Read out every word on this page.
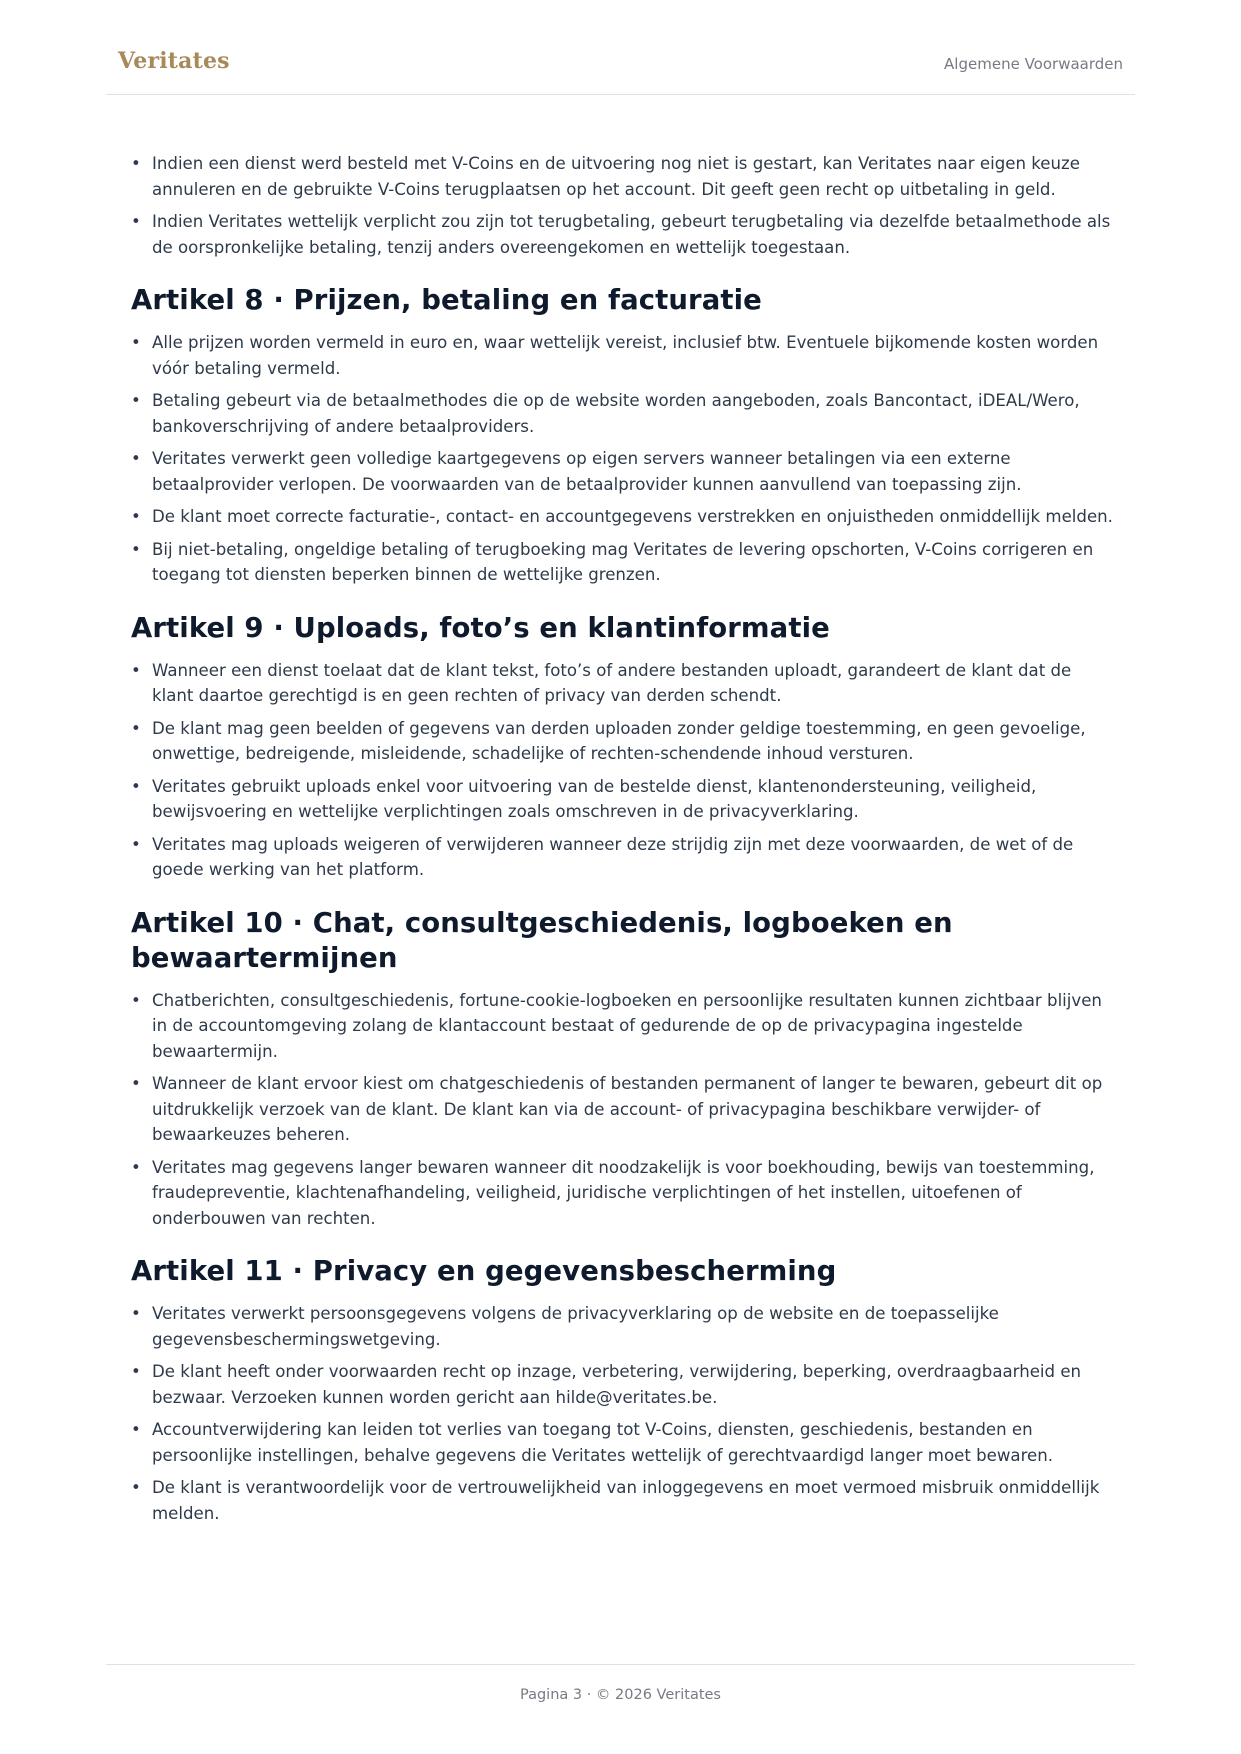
Veritates	Algemene Voorwaarden
• Indien een dienst werd besteld met V-Coins en de uitvoering nog niet is gestart, kan Veritates naar eigen keuze annuleren en de gebruikte V-Coins terugplaatsen op het account. Dit geeft geen recht op uitbetaling in geld.
• Indien Veritates wettelijk verplicht zou zijn tot terugbetaling, gebeurt terugbetaling via dezelfde betaalmethode als de oorspronkelijke betaling, tenzij anders overeengekomen en wettelijk toegestaan.
Artikel 8 · Prijzen, betaling en facturatie
• Alle prijzen worden vermeld in euro en, waar wettelijk vereist, inclusief btw. Eventuele bijkomende kosten worden vóór betaling vermeld.
• Betaling gebeurt via de betaalmethodes die op de website worden aangeboden, zoals Bancontact, iDEAL/Wero, bankoverschrijving of andere betaalproviders.
• Veritates verwerkt geen volledige kaartgegevens op eigen servers wanneer betalingen via een externe betaalprovider verlopen. De voorwaarden van de betaalprovider kunnen aanvullend van toepassing zijn.
• De klant moet correcte facturatie-, contact- en accountgegevens verstrekken en onjuistheden onmiddellijk melden.
• Bij niet-betaling, ongeldige betaling of terugboeking mag Veritates de levering opschorten, V-Coins corrigeren en toegang tot diensten beperken binnen de wettelijke grenzen.
Artikel 9 · Uploads, foto’s en klantinformatie
• Wanneer een dienst toelaat dat de klant tekst, foto’s of andere bestanden uploadt, garandeert de klant dat de klant daartoe gerechtigd is en geen rechten of privacy van derden schendt.
• De klant mag geen beelden of gegevens van derden uploaden zonder geldige toestemming, en geen gevoelige, onwettige, bedreigende, misleidende, schadelijke of rechten-schendende inhoud versturen.
• Veritates gebruikt uploads enkel voor uitvoering van de bestelde dienst, klantenondersteuning, veiligheid, bewijsvoering en wettelijke verplichtingen zoals omschreven in de privacyverklaring.
• Veritates mag uploads weigeren of verwijderen wanneer deze strijdig zijn met deze voorwaarden, de wet of de goede werking van het platform.
Artikel 10 · Chat, consultgeschiedenis, logboeken en bewaartermijnen
• Chatberichten, consultgeschiedenis, fortune-cookie-logboeken en persoonlijke resultaten kunnen zichtbaar blijven in de accountomgeving zolang de klantaccount bestaat of gedurende de op de privacypagina ingestelde bewaartermijn.
• Wanneer de klant ervoor kiest om chatgeschiedenis of bestanden permanent of langer te bewaren, gebeurt dit op uitdrukkelijk verzoek van de klant. De klant kan via de account- of privacypagina beschikbare verwijder- of bewaarkeuzes beheren.
• Veritates mag gegevens langer bewaren wanneer dit noodzakelijk is voor boekhouding, bewijs van toestemming, fraudepreventie, klachtenafhandeling, veiligheid, juridische verplichtingen of het instellen, uitoefenen of onderbouwen van rechten.
Artikel 11 · Privacy en gegevensbescherming
• Veritates verwerkt persoonsgegevens volgens de privacyverklaring op de website en de toepasselijke gegevensbeschermingswetgeving.
• De klant heeft onder voorwaarden recht op inzage, verbetering, verwijdering, beperking, overdraagbaarheid en bezwaar. Verzoeken kunnen worden gericht aan hilde@veritates.be.
• Accountverwijdering kan leiden tot verlies van toegang tot V-Coins, diensten, geschiedenis, bestanden en persoonlijke instellingen, behalve gegevens die Veritates wettelijk of gerechtvaardigd langer moet bewaren.
• De klant is verantwoordelijk voor de vertrouwelijkheid van inloggegevens en moet vermoed misbruik onmiddellijk melden.
Pagina 3 · © 2026 Veritates
